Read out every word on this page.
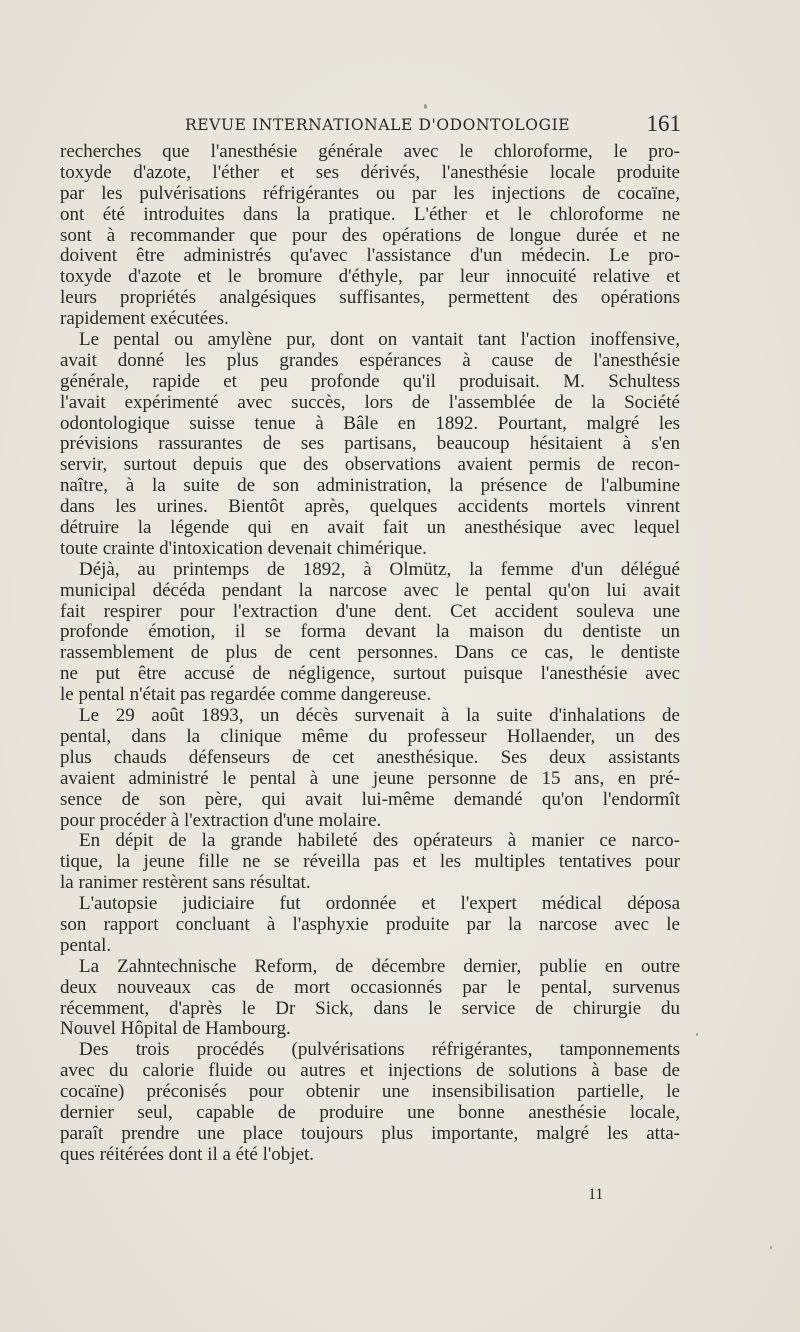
REVUE INTERNATIONALE D'ODONTOLOGIE	161
recherches que l'anesthésie générale avec le chloroforme, le pro-
toxyde d'azote, l'éther et ses dérivés, l'anesthésie locale produite
par les pulvérisations réfrigérantes ou par les injections de cocaïne,
ont été introduites dans la pratique. L'éther et le chloroforme ne
sont à recommander que pour des opérations de longue durée et ne
doivent être administrés qu'avec l'assistance d'un médecin. Le pro-
toxyde d'azote et le bromure d'éthyle, par leur innocuité relative et
leurs propriétés analgésiques suffisantes, permettent des opérations
rapidement exécutées.
Le pental ou amylène pur, dont on vantait tant l'action inoffensive,
avait donné les plus grandes espérances à cause de l'anesthésie
générale, rapide et peu profonde qu'il produisait. M. Schultess
l'avait expérimenté avec succès, lors de l'assemblée de la Société
odontologique suisse tenue à Bâle en 1892. Pourtant, malgré les
prévisions rassurantes de ses partisans, beaucoup hésitaient à s'en
servir, surtout depuis que des observations avaient permis de recon-
naître, à la suite de son administration, la présence de l'albumine
dans les urines. Bientôt après, quelques accidents mortels vinrent
détruire la légende qui en avait fait un anesthésique avec lequel
toute crainte d'intoxication devenait chimérique.
Déjà, au printemps de 1892, à Olmütz, la femme d'un délégué
municipal décéda pendant la narcose avec le pental qu'on lui avait
fait respirer pour l'extraction d'une dent. Cet accident souleva une
profonde émotion, il se forma devant la maison du dentiste un
rassemblement de plus de cent personnes. Dans ce cas, le dentiste
ne put être accusé de négligence, surtout puisque l'anesthésie avec
le pental n'était pas regardée comme dangereuse.
Le 29 août 1893, un décès survenait à la suite d'inhalations de
pental, dans la clinique même du professeur Hollaender, un des
plus chauds défenseurs de cet anesthésique. Ses deux assistants
avaient administré le pental à une jeune personne de 15 ans, en pré-
sence de son père, qui avait lui-même demandé qu'on l'endormît
pour procéder à l'extraction d'une molaire.
En dépit de la grande habileté des opérateurs à manier ce narco-
tique, la jeune fille ne se réveilla pas et les multiples tentatives pour
la ranimer restèrent sans résultat.
L'autopsie judiciaire fut ordonnée et l'expert médical déposa
son rapport concluant à l'asphyxie produite par la narcose avec le
pental.
La Zahntechnische Reform, de décembre dernier, publie en outre
deux nouveaux cas de mort occasionnés par le pental, survenus
récemment, d'après le Dr Sick, dans le service de chirurgie du
Nouvel Hôpital de Hambourg.
Des trois procédés (pulvérisations réfrigérantes, tamponnements
avec du calorie fluide ou autres et injections de solutions à base de
cocaïne) préconisés pour obtenir une insensibilisation partielle, le
dernier seul, capable de produire une bonne anesthésie locale,
paraît prendre une place toujours plus importante, malgré les atta-
ques réitérées dont il a été l'objet.
11
